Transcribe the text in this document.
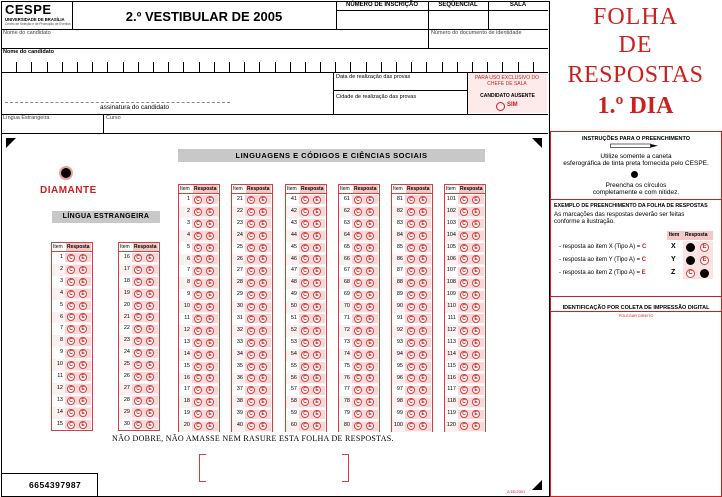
CESPE
UNIVERSIDADE DE BRASÍLIA
Centro de Seleção e de Promoção de Eventos	2.º VESTIBULAR DE 2005
NÚMERO DE INSCRIÇÃO	SEQÜENCIAL	SALA
Nome do candidato	Número do documento de identidade
Nome do candidato
Data de realização das provas
Cidade de realização das provas
PARA USO EXCLUSIVO DO CHEFE DE SALA
CANDIDATO AUSENTE
SIM
assinatura do candidato
Língua Estrangeira	Curso
LINGUAGENS E CÓDIGOS E CIÊNCIAS SOCIAIS
DIAMANTE
LÍNGUA ESTRANGEIRA
Item Resposta
1	C	E
2	C	E
3	C	E
4	C	E
5	C	E
6	C	E
7	C	E
8	C	E
9	C	E
10	C	E
11	C	E
12	C	E
13	C	E
14	C	E
15	C	E
Item Resposta
16	C	E
17	C	E
18	C	E
19	C	E
20	C	E
21	C	E
22	C	E
23	C	E
24	C	E
25	C	E
26	C	E
27	C	E
28	C	E
29	C	E
30	C	E
Item Resposta
1	C	E
2	C	E
3	C	E
4	C	E
5	C	E
6	C	E
7	C	E
8	C	E
9	C	E
10	C	E
11	C	E
12	C	E
13	C	E
14	C	E
15	C	E
16	C	E
17	C	E
18	C	E
19	C	E
20	C	E
Item Resposta
21	C	E
22	C	E
23	C	E
24	C	E
25	C	E
26	C	E
27	C	E
28	C	E
29	C	E
30	C	E
31	C	E
32	C	E
33	C	E
34	C	E
35	C	E
36	C	E
37	C	E
38	C	E
39	C	E
40	C	E
Item Resposta
41	C	E
42	C	E
43	C	E
44	C	E
45	C	E
46	C	E
47	C	E
48	C	E
49	C	E
50	C	E
51	C	E
52	C	E
53	C	E
54	C	E
55	C	E
56	C	E
57	C	E
58	C	E
59	C	E
60	C	E
Item Resposta
61	C	E
62	C	E
63	C	E
64	C	E
65	C	E
66	C	E
67	C	E
68	C	E
69	C	E
70	C	E
71	C	E
72	C	E
73	C	E
74	C	E
75	C	E
76	C	E
77	C	E
78	C	E
79	C	E
80	C	E
Item Resposta
81	C	E
82	C	E
83	C	E
84	C	E
85	C	E
86	C	E
87	C	E
88	C	E
89	C	E
90	C	E
91	C	E
92	C	E
93	C	E
94	C	E
95	C	E
96	C	E
97	C	E
98	C	E
99	C	E
100	C	E
Item Resposta
101	C	E
102	C	E
103	C	E
104	C	E
105	C	E
106	C	E
107	C	E
108	C	E
109	C	E
110	C	E
111	C	E
112	C	E
113	C	E
114	C	E
115	C	E
116	C	E
117	C	E
118	C	E
119	C	E
120	C	E
NÃO DOBRE, NÃO AMASSE NEM RASURE ESTA FOLHA DE RESPOSTAS.
6654397987
2/1E/2001
FOLHA
DE
RESPOSTAS
1.º DIA
INSTRUÇÕES PARA O PREENCHIMENTO
Utilize somente a caneta
esferográfica de tinta preta fornecida pelo CESPE.
Preencha os círculos
completamente e com nitidez.
EXEMPLO DE PREENCHIMENTO DA FOLHA DE RESPOSTAS
As marcações das respostas deverão ser feitas
conforme a ilustração.
Item Resposta
- resposta ao item X (Tipo A) = C	X	E
- resposta ao item Y (Tipo A) = C	Y	E
- resposta ao item Z (Tipo A) = E	Z	C
IDENTIFICAÇÃO POR COLETA DE IMPRESSÃO DIGITAL
POLEGAR DIREITO
